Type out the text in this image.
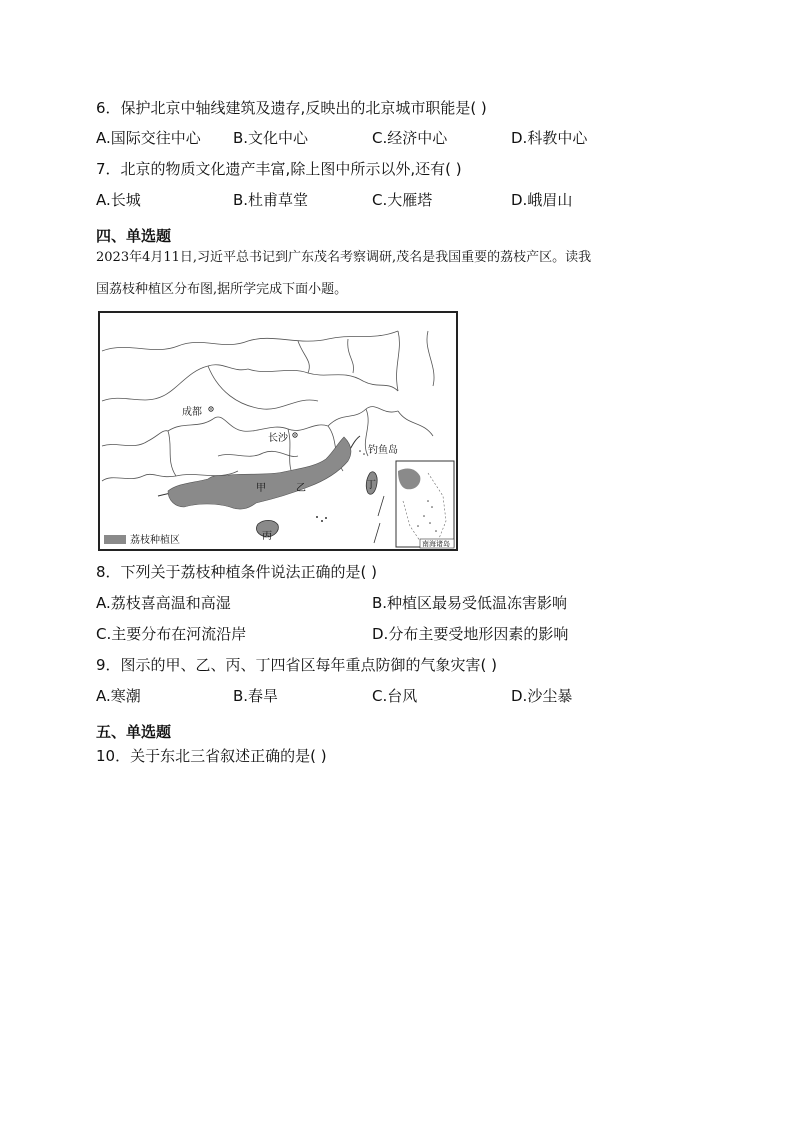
6．保护北京中轴线建筑及遗存,反映出的北京城市职能是( )
A.国际交往中心 B.文化中心	C.经济中心	D.科教中心
7．北京的物质文化遗产丰富,除上图中所示以外,还有( )
A.长城	B.杜甫草堂	C.大雁塔	D.峨眉山
四、单选题
2023年4月11日,习近平总书记到广东茂名考察调研,茂名是我国重要的荔枝产区。读我
国荔枝种植区分布图,据所学完成下面小题。
南海诸岛
成都
长沙
钓鱼岛
甲	乙
丙
丁
荔枝种植区
8．下列关于荔枝种植条件说法正确的是( )
A.荔枝喜高温和高湿	B.种植区最易受低温冻害影响
C.主要分布在河流沿岸	D.分布主要受地形因素的影响
9．图示的甲、乙、丙、丁四省区每年重点防御的气象灾害( )
A.寒潮	B.春旱	C.台风	D.沙尘暴
五、单选题
10．关于东北三省叙述正确的是( )
